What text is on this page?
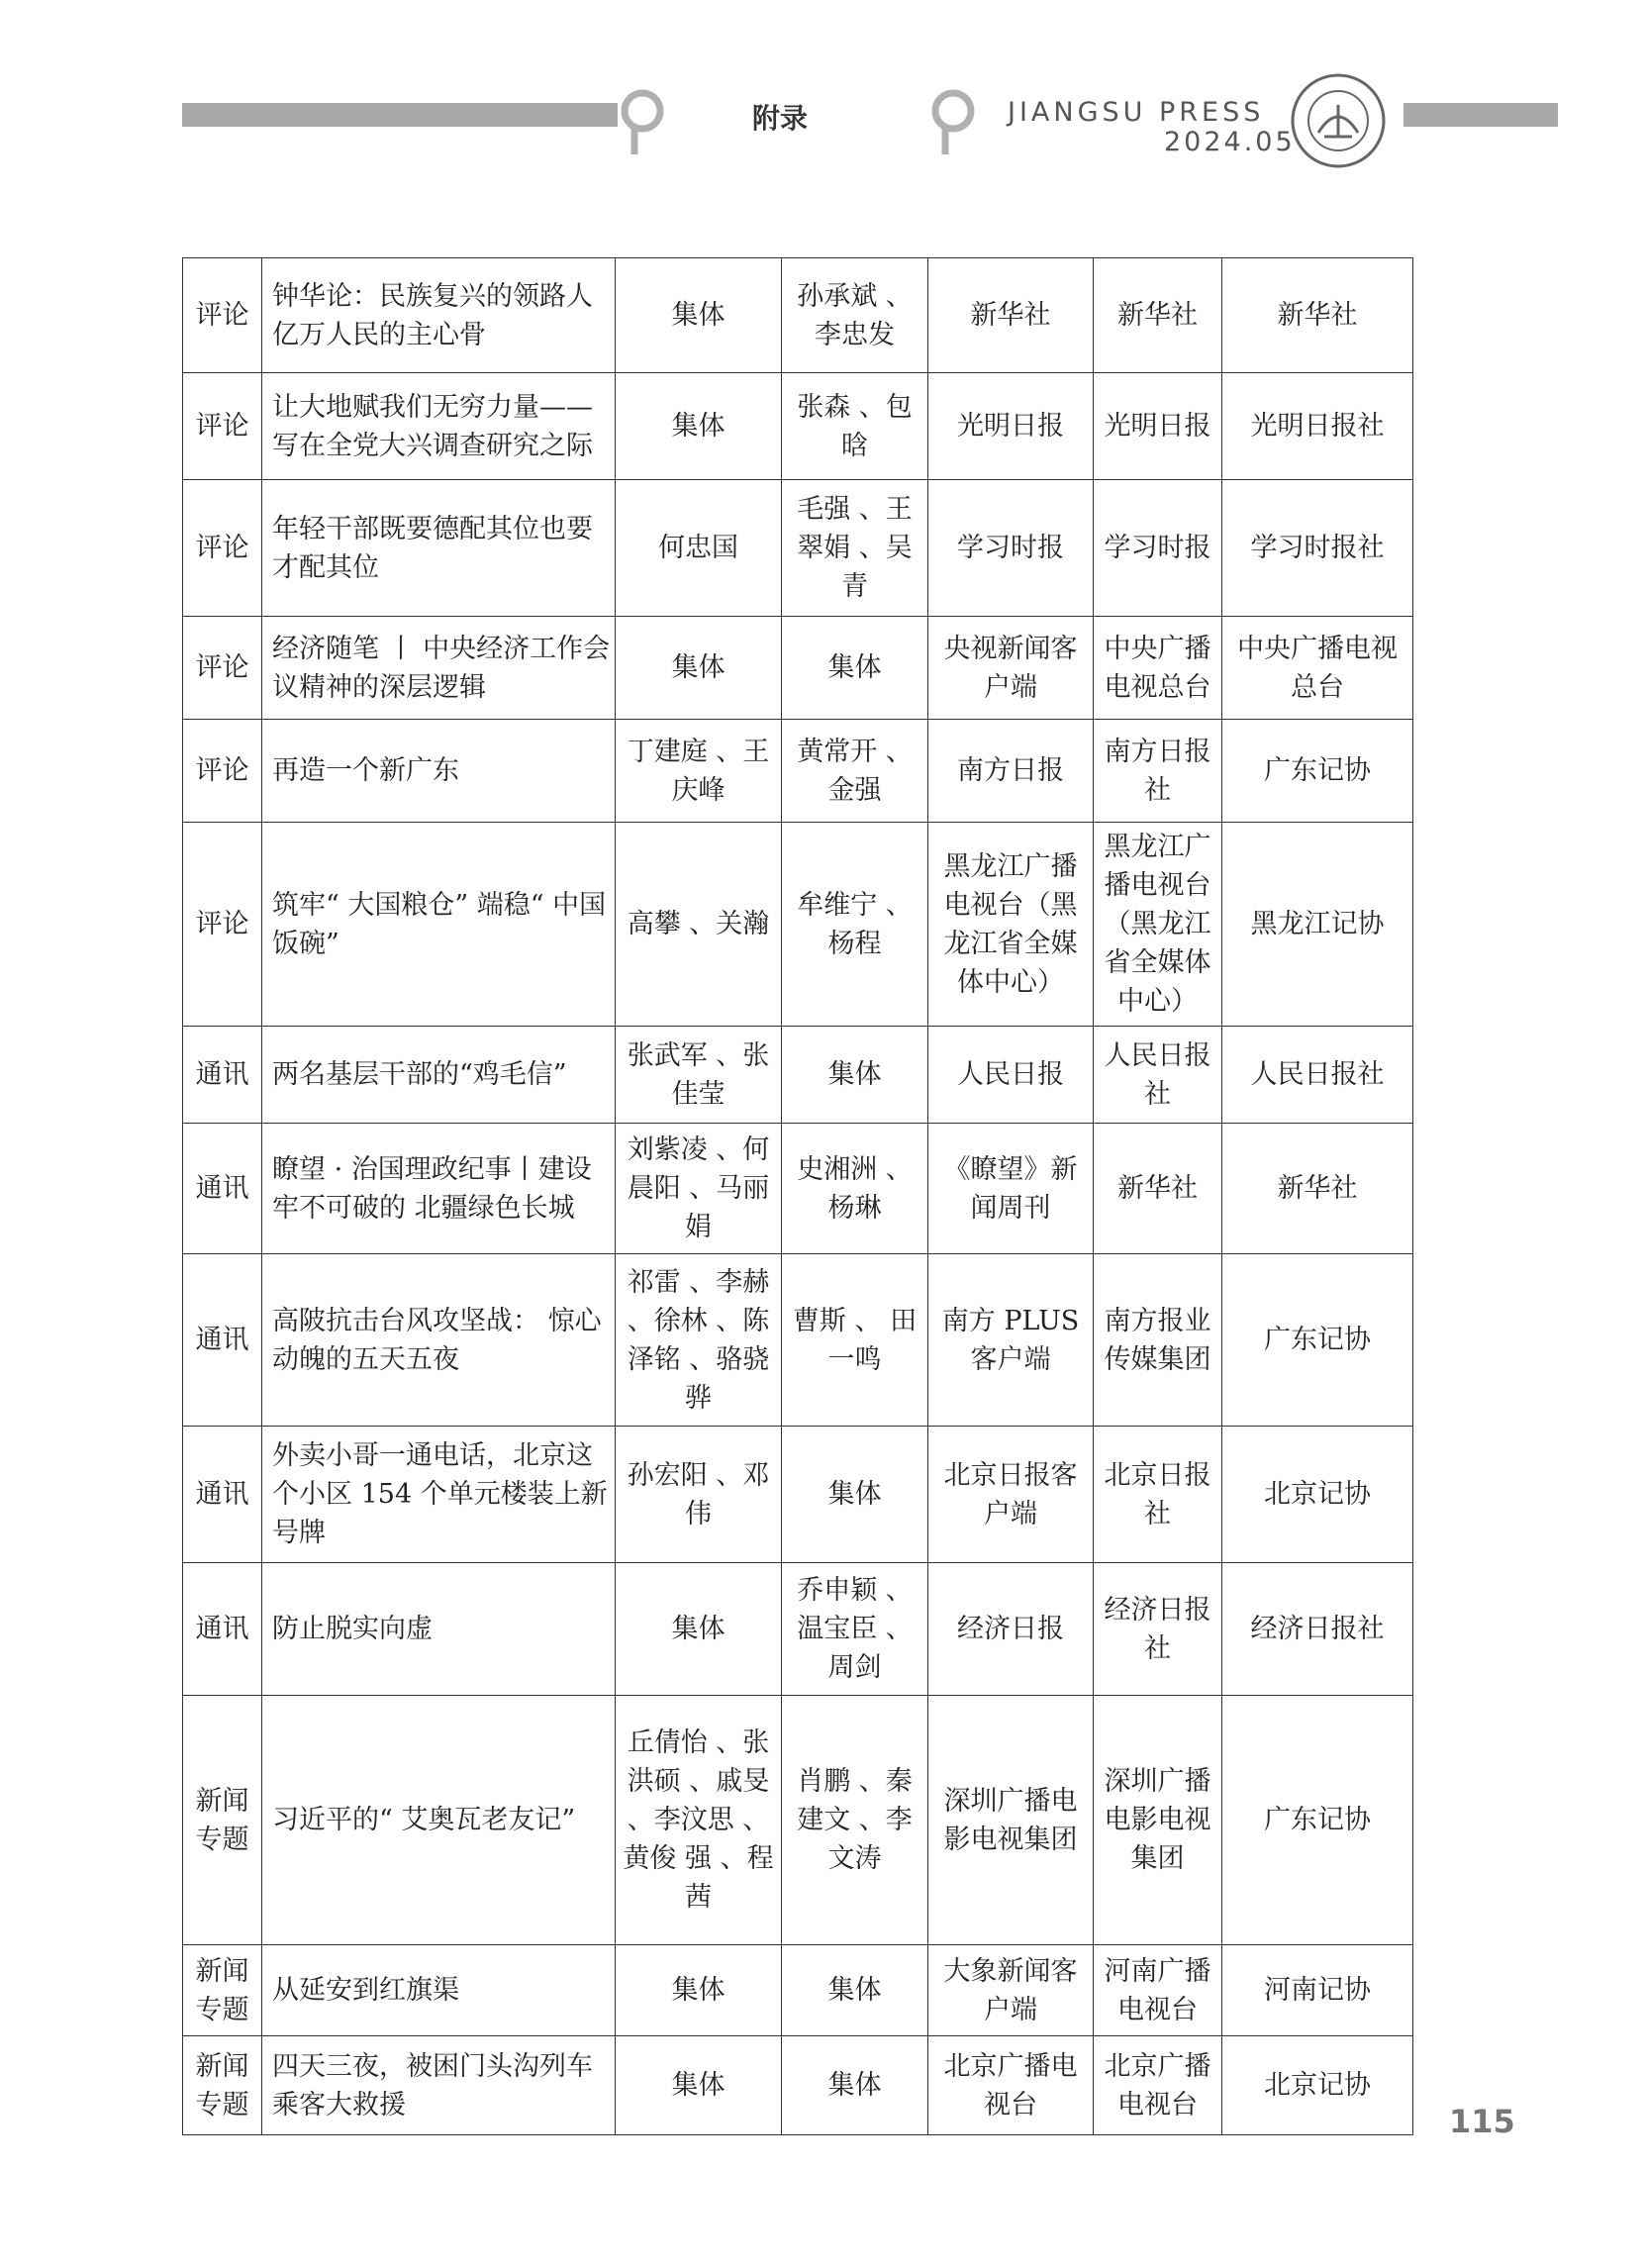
附录	JIANGSU PRESS
2024.05
评论	钟华论：民族复兴的领路人亿万人民的主心骨	集体	孙承斌 、李忠发	新华社	新华社	新华社
评论	让大地赋我们无穷力量——写在全党大兴调查研究之际	集体	张森 、包晗	光明日报	光明日报	光明日报社
评论	年轻干部既要德配其位也要才配其位	何忠国	毛强 、王翠娟 、吴青	学习时报	学习时报	学习时报社
评论	经济随笔 丨 中央经济工作会议精神的深层逻辑	集体	集体	央视新闻客户端	中央广播电视总台	中央广播电视总台
评论	再造一个新广东	丁建庭 、王庆峰	黄常开 、金强	南方日报	南方日报社	广东记协
评论	筑牢“ 大国粮仓” 端稳“ 中国饭碗”	高攀 、关瀚	牟维宁 、杨程	黑龙江广播电视台（黑龙江省全媒体中心）	黑龙江广播电视台（黑龙江省全媒体中心）	黑龙江记协
通讯	两名基层干部的“鸡毛信”	张武军 、张佳莹	集体	人民日报	人民日报社	人民日报社
通讯	瞭望 · 治国理政纪事丨建设牢不可破的 北疆绿色长城	刘紫凌 、何晨阳 、马丽娟	史湘洲 、杨琳	《瞭望》新闻周刊	新华社	新华社
通讯	高陂抗击台风攻坚战： 惊心动魄的五天五夜	祁雷 、李赫 、徐林 、陈泽铭 、骆骁骅	曹斯 、 田一鸣	南方 PLUS 客户端	南方报业传媒集团	广东记协
通讯	外卖小哥一通电话，北京这个小区 154 个单元楼装上新号牌	孙宏阳 、邓伟	集体	北京日报客户端	北京日报社	北京记协
通讯	防止脱实向虚	集体	乔申颖 、温宝臣 、周剑	经济日报	经济日报社	经济日报社
新闻专题	习近平的“ 艾奥瓦老友记”	丘倩怡 、张洪硕 、戚旻 、李汶思 、黄俊 强 、程茜	肖鹏 、秦建文 、李文涛	深圳广播电影电视集团	深圳广播电影电视集团	广东记协
新闻专题	从延安到红旗渠	集体	集体	大象新闻客户端	河南广播电视台	河南记协
新闻专题	四天三夜，被困门头沟列车乘客大救援	集体	集体	北京广播电视台	北京广播电视台	北京记协
115
